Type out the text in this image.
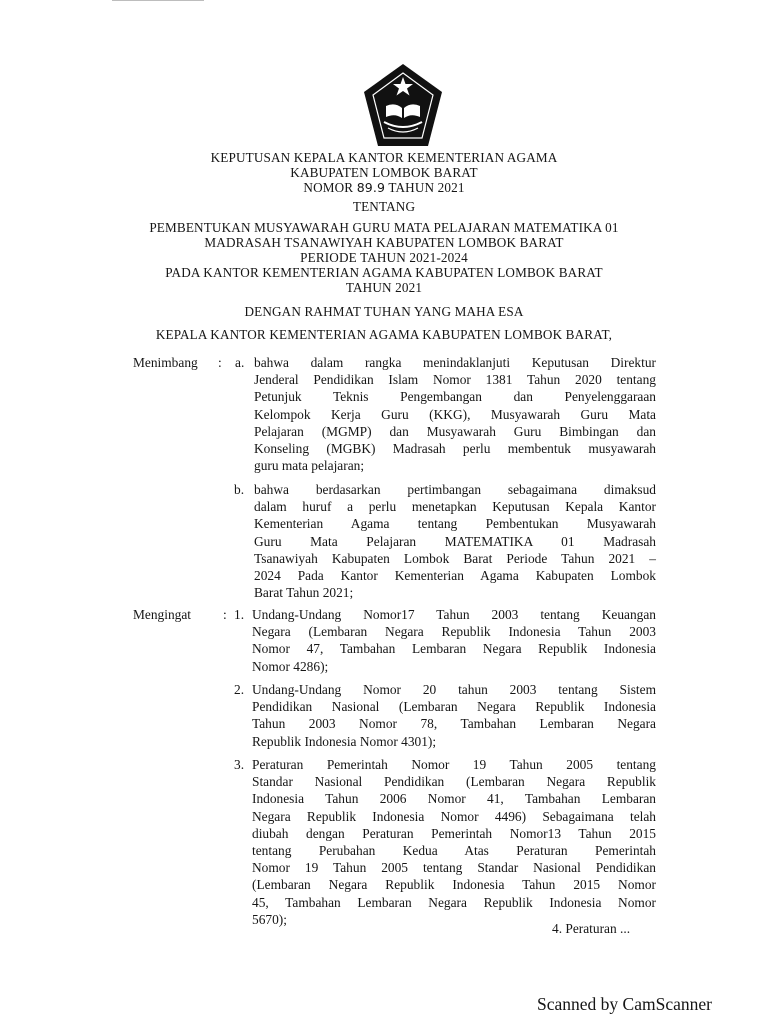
KEPUTUSAN KEPALA KANTOR KEMENTERIAN AGAMA
KABUPATEN LOMBOK BARAT
NOMOR 89.9 TAHUN 2021
TENTANG
PEMBENTUKAN MUSYAWARAH GURU MATA PELAJARAN MATEMATIKA 01
MADRASAH TSANAWIYAH KABUPATEN LOMBOK BARAT
PERIODE TAHUN 2021-2024
PADA KANTOR KEMENTERIAN AGAMA KABUPATEN LOMBOK BARAT
TAHUN 2021
DENGAN RAHMAT TUHAN YANG MAHA ESA
KEPALA KANTOR KEMENTERIAN AGAMA KABUPATEN LOMBOK BARAT,
Menimbang : a. bahwa dalam rangka menindaklanjuti Keputusan Direktur
Jenderal Pendidikan Islam Nomor 1381 Tahun 2020 tentang
Petunjuk Teknis Pengembangan dan Penyelenggaraan
Kelompok Kerja Guru (KKG), Musyawarah Guru Mata
Pelajaran (MGMP) dan Musyawarah Guru Bimbingan dan
Konseling (MGBK) Madrasah perlu membentuk musyawarah
guru mata pelajaran;
b. bahwa berdasarkan pertimbangan sebagaimana dimaksud
dalam huruf a perlu menetapkan Keputusan Kepala Kantor
Kementerian Agama tentang Pembentukan Musyawarah
Guru Mata Pelajaran MATEMATIKA 01 Madrasah
Tsanawiyah Kabupaten Lombok Barat Periode Tahun 2021 –
2024 Pada Kantor Kementerian Agama Kabupaten Lombok
Barat Tahun 2021;
Mengingat : 1. Undang-Undang Nomor17 Tahun 2003 tentang Keuangan
Negara (Lembaran Negara Republik Indonesia Tahun 2003
Nomor 47, Tambahan Lembaran Negara Republik Indonesia
Nomor 4286);
2. Undang-Undang Nomor 20 tahun 2003 tentang Sistem
Pendidikan Nasional (Lembaran Negara Republik Indonesia
Tahun 2003 Nomor 78, Tambahan Lembaran Negara
Republik Indonesia Nomor 4301);
3. Peraturan Pemerintah Nomor 19 Tahun 2005 tentang
Standar Nasional Pendidikan (Lembaran Negara Republik
Indonesia Tahun 2006 Nomor 41, Tambahan Lembaran
Negara Republik Indonesia Nomor 4496) Sebagaimana telah
diubah dengan Peraturan Pemerintah Nomor13 Tahun 2015
tentang Perubahan Kedua Atas Peraturan Pemerintah
Nomor 19 Tahun 2005 tentang Standar Nasional Pendidikan
(Lembaran Negara Republik Indonesia Tahun 2015 Nomor
45, Tambahan Lembaran Negara Republik Indonesia Nomor
5670);
4. Peraturan ...
Scanned by CamScanner
